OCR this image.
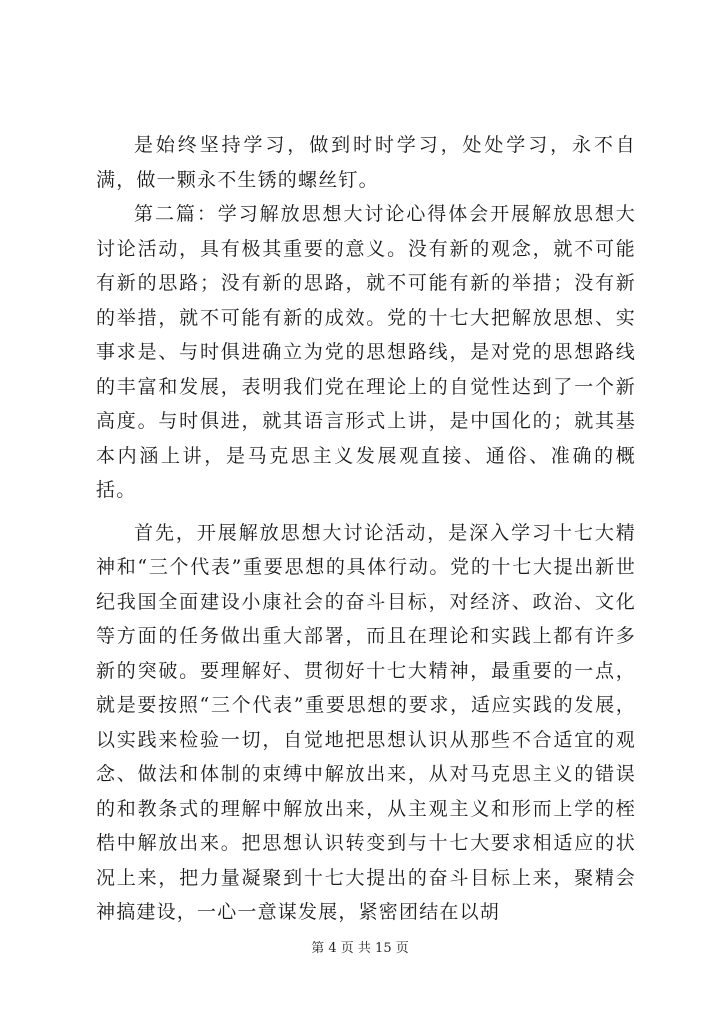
是始终坚持学习，做到时时学习，处处学习，永不自满，做一颗永不生锈的螺丝钉。

第二篇：学习解放思想大讨论心得体会开展解放思想大讨论活动，具有极其重要的意义。没有新的观念，就不可能有新的思路；没有新的思路，就不可能有新的举措；没有新的举措，就不可能有新的成效。党的十七大把解放思想、实事求是、与时俱进确立为党的思想路线，是对党的思想路线的丰富和发展，表明我们党在理论上的自觉性达到了一个新高度。与时俱进，就其语言形式上讲，是中国化的；就其基本内涵上讲，是马克思主义发展观直接、通俗、准确的概括。

首先，开展解放思想大讨论活动，是深入学习十七大精神和“三个代表”重要思想的具体行动。党的十七大提出新世纪我国全面建设小康社会的奋斗目标，对经济、政治、文化等方面的任务做出重大部署，而且在理论和实践上都有许多新的突破。要理解好、贯彻好十七大精神，最重要的一点，就是要按照“三个代表”重要思想的要求，适应实践的发展，以实践来检验一切，自觉地把思想认识从那些不合适宜的观念、做法和体制的束缚中解放出来，从对马克思主义的错误的和教条式的理解中解放出来，从主观主义和形而上学的桎梏中解放出来。把思想认识转变到与十七大要求相适应的状况上来，把力量凝聚到十七大提出的奋斗目标上来，聚精会神搞建设，一心一意谋发展，紧密团结在以胡

第 4 页 共 15 页
